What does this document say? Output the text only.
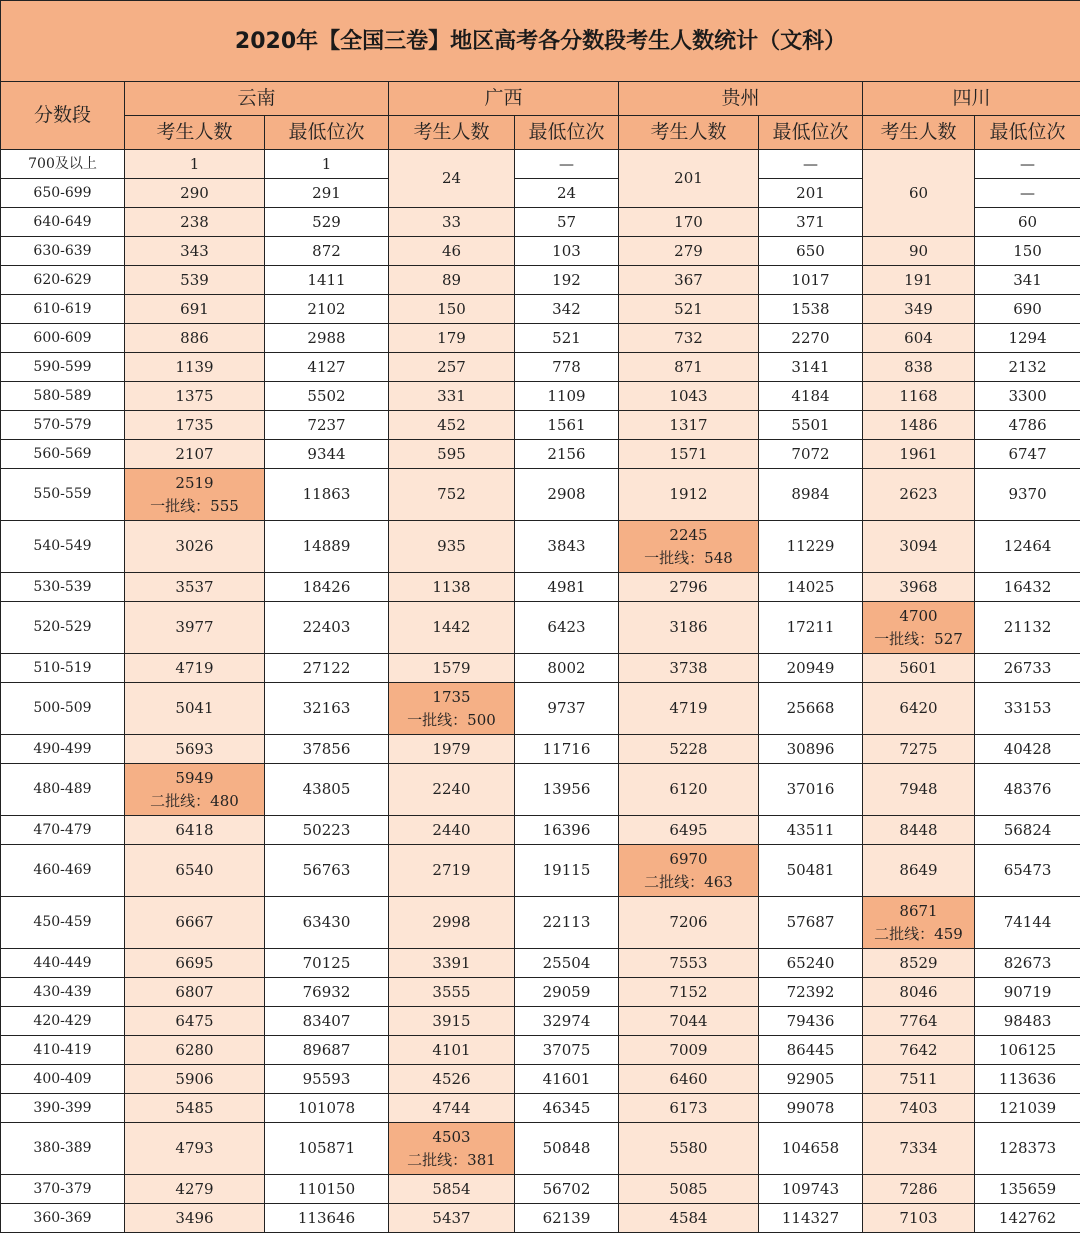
2020年【全国三卷】地区高考各分数段考生人数统计（文科）								
分数段	云南		广西		贵州		四川	
	考生人数	最低位次	考生人数	最低位次	考生人数	最低位次	考生人数	最低位次
700及以上	1	1	24	—	201	—	60	—
650-699	290	291		24		201		—
640-649	238	529	33	57	170	371		60
630-639	343	872	46	103	279	650	90	150
620-629	539	1411	89	192	367	1017	191	341
610-619	691	2102	150	342	521	1538	349	690
600-609	886	2988	179	521	732	2270	604	1294
590-599	1139	4127	257	778	871	3141	838	2132
580-589	1375	5502	331	1109	1043	4184	1168	3300
570-579	1735	7237	452	1561	1317	5501	1486	4786
560-569	2107	9344	595	2156	1571	7072	1961	6747
550-559	2519
一批线：555	11863	752	2908	1912	8984	2623	9370
540-549	3026	14889	935	3843	2245
一批线：548	11229	3094	12464
530-539	3537	18426	1138	4981	2796	14025	3968	16432
520-529	3977	22403	1442	6423	3186	17211	4700
一批线：527	21132
510-519	4719	27122	1579	8002	3738	20949	5601	26733
500-509	5041	32163	1735
一批线：500	9737	4719	25668	6420	33153
490-499	5693	37856	1979	11716	5228	30896	7275	40428
480-489	5949
二批线：480	43805	2240	13956	6120	37016	7948	48376
470-479	6418	50223	2440	16396	6495	43511	8448	56824
460-469	6540	56763	2719	19115	6970
二批线：463	50481	8649	65473
450-459	6667	63430	2998	22113	7206	57687	8671
二批线：459	74144
440-449	6695	70125	3391	25504	7553	65240	8529	82673
430-439	6807	76932	3555	29059	7152	72392	8046	90719
420-429	6475	83407	3915	32974	7044	79436	7764	98483
410-419	6280	89687	4101	37075	7009	86445	7642	106125
400-409	5906	95593	4526	41601	6460	92905	7511	113636
390-399	5485	101078	4744	46345	6173	99078	7403	121039
380-389	4793	105871	4503
二批线：381	50848	5580	104658	7334	128373
370-379	4279	110150	5854	56702	5085	109743	7286	135659
360-369	3496	113646	5437	62139	4584	114327	7103	142762
